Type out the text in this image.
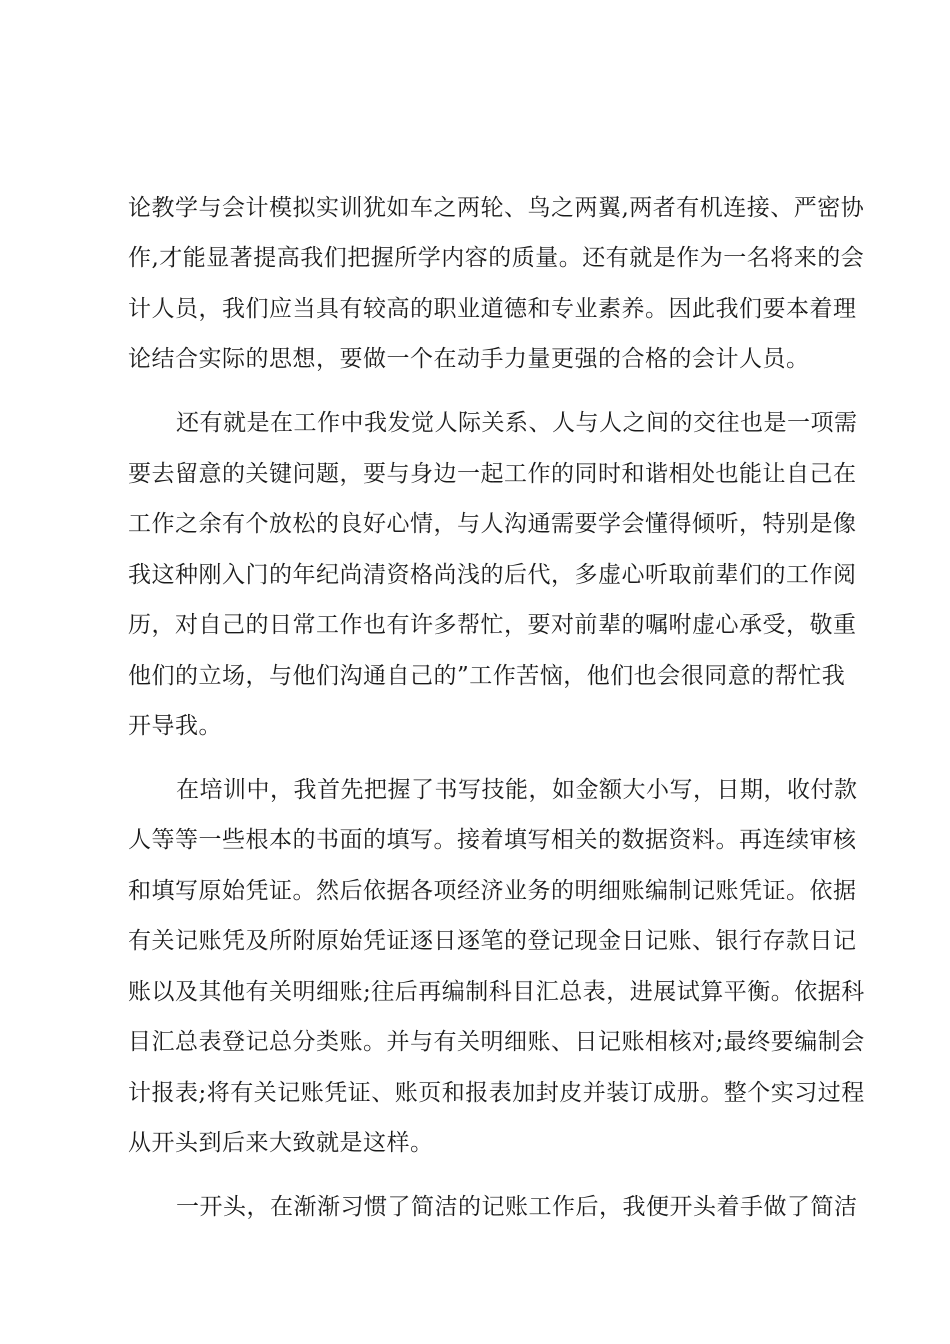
论教学与会计模拟实训犹如车之两轮、鸟之两翼,两者有机连接、严密协
作,才能显著提高我们把握所学内容的质量。还有就是作为一名将来的会
计人员，我们应当具有较高的职业道德和专业素养。因此我们要本着理
论结合实际的思想，要做一个在动手力量更强的合格的会计人员。
还有就是在工作中我发觉人际关系、人与人之间的交往也是一项需
要去留意的关键问题，要与身边一起工作的同时和谐相处也能让自己在
工作之余有个放松的良好心情，与人沟通需要学会懂得倾听，特别是像
我这种刚入门的年纪尚清资格尚浅的后代，多虚心听取前辈们的工作阅
历，对自己的日常工作也有许多帮忙，要对前辈的嘱咐虚心承受，敬重
他们的立场，与他们沟通自己的”工作苦恼，他们也会很同意的帮忙我
开导我。
在培训中，我首先把握了书写技能，如金额大小写，日期，收付款
人等等一些根本的书面的填写。接着填写相关的数据资料。再连续审核
和填写原始凭证。然后依据各项经济业务的明细账编制记账凭证。依据
有关记账凭及所附原始凭证逐日逐笔的登记现金日记账、银行存款日记
账以及其他有关明细账;往后再编制科目汇总表，进展试算平衡。依据科
目汇总表登记总分类账。并与有关明细账、日记账相核对;最终要编制会
计报表;将有关记账凭证、账页和报表加封皮并装订成册。整个实习过程
从开头到后来大致就是这样。
一开头，在渐渐习惯了简洁的记账工作后，我便开头着手做了简洁
